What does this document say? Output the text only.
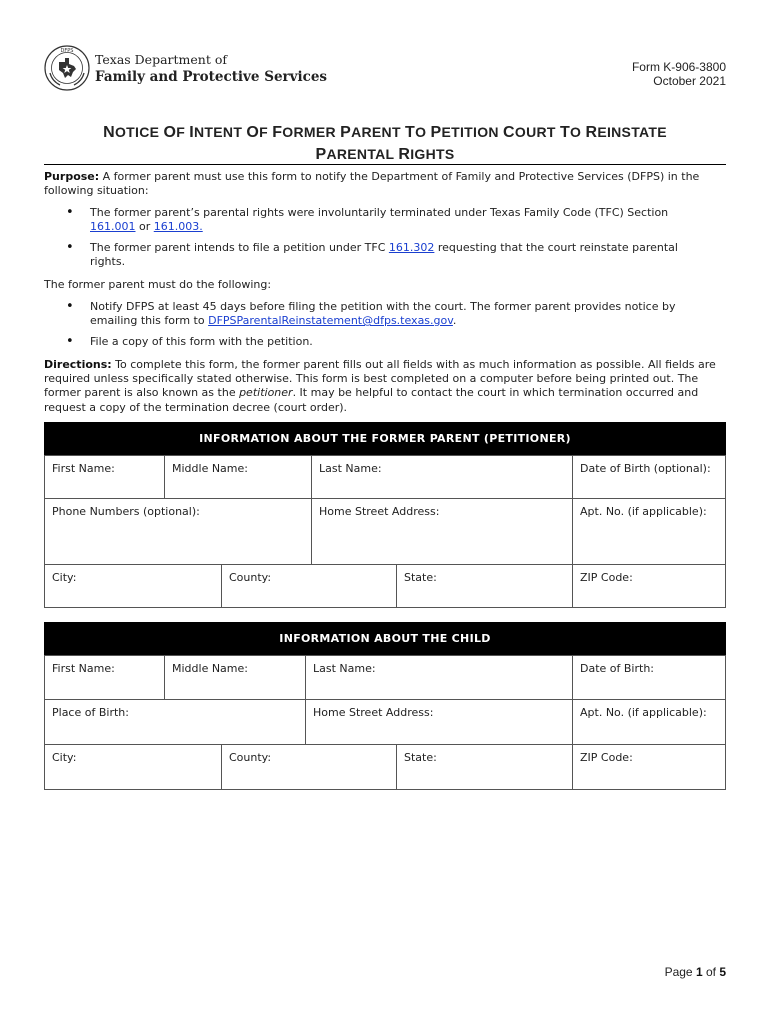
DFPS
Texas Department of
Family and Protective Services
Form K-906-3800
October 2021
NOTICE OF INTENT OF FORMER PARENT TO PETITION COURT TO REINSTATE
PARENTAL RIGHTS
Purpose: A former parent must use this form to notify the Department of Family and Protective Services (DFPS) in the following situation:
• The former parent’s parental rights were involuntarily terminated under Texas Family Code (TFC) Section 161.001 or 161.003.
• The former parent intends to file a petition under TFC 161.302 requesting that the court reinstate parental rights.
The former parent must do the following:
• Notify DFPS at least 45 days before filing the petition with the court. The former parent provides notice by emailing this form to DFPSParentalReinstatement@dfps.texas.gov.
• File a copy of this form with the petition.
Directions: To complete this form, the former parent fills out all fields with as much information as possible. All fields are required unless specifically stated otherwise. This form is best completed on a computer before being printed out. The former parent is also known as the petitioner. It may be helpful to contact the court in which termination occurred and request a copy of the termination decree (court order).
INFORMATION ABOUT THE FORMER PARENT (PETITIONER)
First Name:	Middle Name:	Last Name:	Date of Birth (optional):
Phone Numbers (optional):	Home Street Address:	Apt. No. (if applicable):
City:	County:	State:	ZIP Code:
INFORMATION ABOUT THE CHILD
First Name:	Middle Name:	Last Name:	Date of Birth:
Place of Birth:	Home Street Address:	Apt. No. (if applicable):
City:	County:	State:	ZIP Code:
Page 1 of 5
